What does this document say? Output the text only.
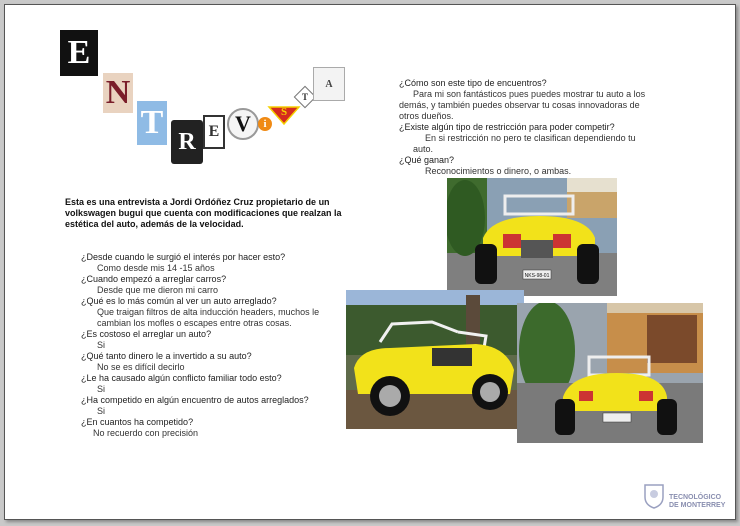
E
N
T
R E V i
S
T
A
Esta es una entrevista a Jordi Ordóñez Cruz propietario de un volkswagen bugui que cuenta con modificaciones que realzan la estética del auto, además de la velocidad.
¿Desde cuando le surgió el interés por hacer esto?
Como desde mis 14 -15 años
¿Cuando empezó a arreglar carros?
Desde que me dieron mi carro
¿Qué es lo más común al ver un auto arreglado?
Que traigan filtros de alta inducción headers, muchos le
cambian los mofles o escapes entre otras cosas.
¿Es costoso el arreglar un auto?
Si
¿Qué tanto dinero le a invertido a su auto?
No se es difícil decirlo
¿Le ha causado algún conflicto familiar todo esto?
Si
¿Ha competido en algún encuentro de autos arreglados?
Si
¿En cuantos ha competido?
No recuerdo con precisión
¿Cómo son este tipo de encuentros?
Para mi son fantásticos pues puedes mostrar tu auto a los
demás, y también puedes observar tu cosas innovadoras de
otros dueños.
¿Existe algún tipo de restricción para poder competir?
En si restricción no pero te clasifican dependiendo tu
auto.
¿Qué ganan?
Reconocimientos o dinero, o ambas.
NKS-98-01
TECNOLÓGICO
DE MONTERREY
